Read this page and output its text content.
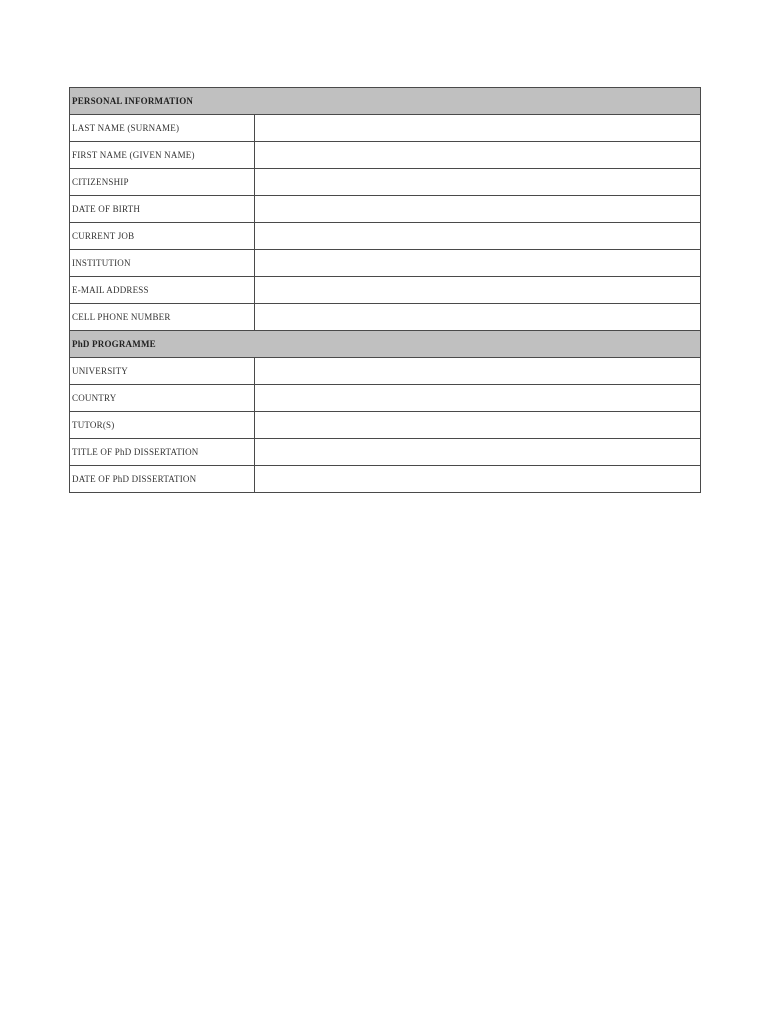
PERSONAL INFORMATION	
LAST NAME (SURNAME)	
FIRST NAME (GIVEN NAME)	
CITIZENSHIP	
DATE OF BIRTH	
CURRENT JOB	
INSTITUTION	
E-MAIL ADDRESS	
CELL PHONE NUMBER	
PhD PROGRAMME	
UNIVERSITY	
COUNTRY	
TUTOR(S)	
TITLE OF PhD DISSERTATION	
DATE OF PhD DISSERTATION	
